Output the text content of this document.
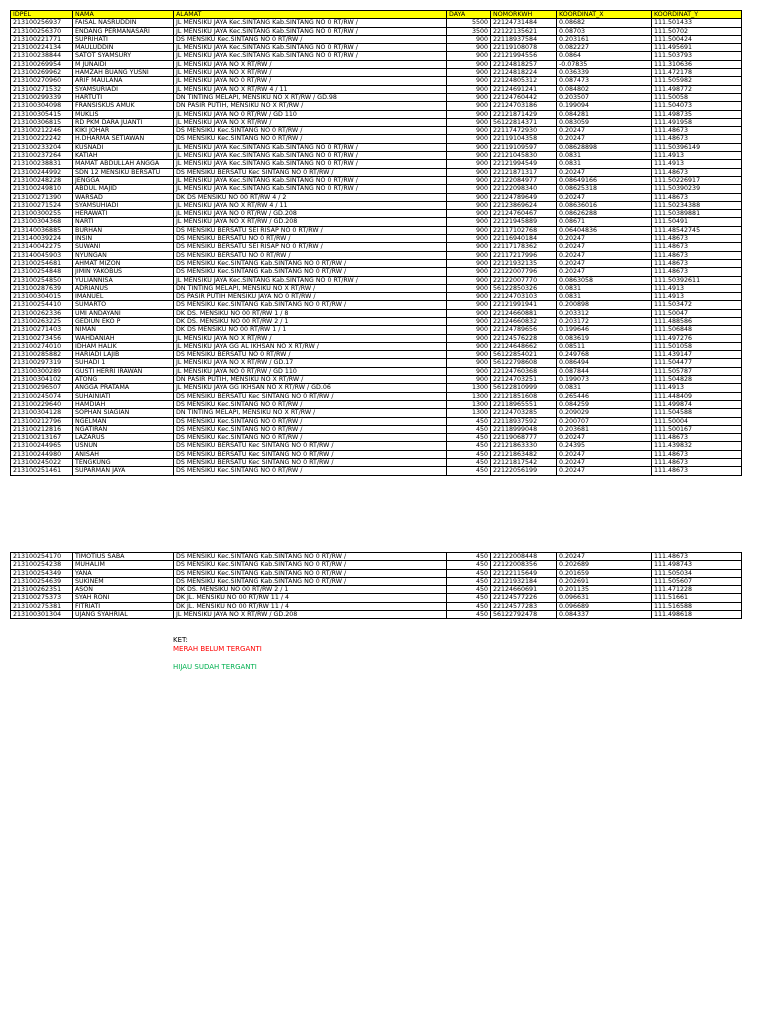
IDPEL	NAMA	ALAMAT	DAYA	NOMORKWH	KOORDINAT_X	KOORDINAT_Y
213100256937	FAISAL NASRUDDIN	JL MENSIKU JAYA Kec.SINTANG Kab.SINTANG NO 0 RT/RW /	5500	22124731484	0.08682	111.501433
213100256370	ENDANG PERMANASARI	JL MENSIKU JAYA Kec.SINTANG Kab.SINTANG NO 0 RT/RW /	3500	22122135621	0.08703	111.50702
213100221771	SUPRIHATI	DS MENSIKU Kec.SINTANG NO 0 RT/RW /	900	22118937584	0.203161	111.500424
213100224134	MAULUDDIN	JL MENSIKU JAYA Kec.SINTANG Kab.SINTANG NO 0 RT/RW /	900	22119108078	0.082227	111.495691
213100238844	SATOT SYAMSURY	JL MENSIKU JAYA Kec.SINTANG Kab.SINTANG NO 0 RT/RW /	900	22121994556	0.0864	111.503793
213100269954	M JUNAIDI	JL MENSIKU JAYA NO X RT/RW /	900	22124818257	-0.07835	111.310636
213100269962	HAMZAH BUANG YUSNI	JL MENSIKU JAYA NO X RT/RW /	900	22124818224	0.036339	111.472178
213100270960	ARIF MAULANA	JL MENSIKU JAYA NO 0 RT/RW /	900	22124805312	0.087473	111.505982
213100271532	SYAMSURIADI	JL MENSIKU JAYA NO X RT/RW 4 / 11	900	22124691241	0.084802	111.498772
213100299339	HARTUTI	DN TINTING MELAPI, MENSIKU NO X RT/RW / GD.98	900	22124760442	0.203507	111.50058
213100304098	FRANSISKUS AMUK	DN PASIR PUTIH, MENSIKU NO X RT/RW /	900	22124703186	0.199094	111.504073
213100305415	MUKLIS	JL MENSIKU JAYA NO 0 RT/RW / GD 110	900	22121871429	0.084281	111.498735
213100306815	RD PKM DARA JUANTI	JL MENSIKU JAYA NO X RT/RW /	900	56122814371	0.083059	111.491958
213100212246	KIKI JOHAR	DS MENSIKU Kec.SINTANG NO 0 RT/RW /	900	22117472930	0.20247	111.48673
213100222242	H.DHARMA SETIAWAN	DS MENSIKU Kec.SINTANG NO 0 RT/RW /	900	22119104358	0.20247	111.48673
213100233204	KUSNADI	JL MENSIKU JAYA Kec.SINTANG Kab.SINTANG NO 0 RT/RW /	900	22119109597	0.08628898	111.50396149
213100237264	KATIAH	JL MENSIKU JAYA Kec.SINTANG Kab.SINTANG NO 0 RT/RW /	900	22121045830	0.0831	111.4913
213100238831	MAMAT ABDULLAH ANGGA	JL MENSIKU JAYA Kec.SINTANG Kab.SINTANG NO 0 RT/RW /	900	22121994549	0.0831	111.4913
213100244992	SDN 12 MENSIKU BERSATU	DS MENSIKU BERSATU Kec SINTANG NO 0 RT/RW /	900	22121871317	0.20247	111.48673
213100248228	JENGGA	JL MENSIKU JAYA Kec.SINTANG Kab.SINTANG NO 0 RT/RW /	900	22122084977	0.08649166	111.50226917
213100249810	ABDUL MAJID	JL MENSIKU JAYA Kec.SINTANG Kab.SINTANG NO 0 RT/RW /	900	22122098340	0.08625318	111.50390239
213100271390	WARSAD	DK DS MENSIKU NO 00 RT/RW 4 / 2	900	22124789649	0.20247	111.48673
213100271524	SYAMSUHIADI	JL MENSIKU JAYA NO X RT/RW 4 / 11	900	22123869624	0.08636016	111.50234388
213100300255	HERAWATI	JL MENSIKU JAYA NO 0 RT/RW / GD.208	900	22124760467	0.08626288	111.50389881
213100304368	NARTI	JL MENSIKU JAYA NO X RT/RW / GD.208	900	22121945889	0.08671	111.50491
213140036885	BURHAN	DS MENSIKU BERSATU SEI RISAP NO 0 RT/RW /	900	22117102768	0.06404836	111.48542745
213140039224	INSIN	DS MENSIKU BERSATU NO 0 RT/RW /	900	22116940184	0.20247	111.48673
213140042275	SUWANI	DS MENSIKU BERSATU SEI RISAP NO 0 RT/RW /	900	22117178362	0.20247	111.48673
213140045903	NYUNGAN	DS MENSIKU BERSATU NO 0 RT/RW /	900	22117217996	0.20247	111.48673
213100254681	AHMAT MIZON	DS MENSIKU Kec.SINTANG Kab.SINTANG NO 0 RT/RW /	900	22121932135	0.20247	111.48673
213100254848	JIMIN YAKOBUS	DS MENSIKU Kec.SINTANG Kab.SINTANG NO 0 RT/RW /	900	22122007796	0.20247	111.48673
213100254850	YULIANNISA	JL MENSIKU JAYA Kec.SINTANG Kab.SINTANG NO 0 RT/RW /	900	22122007770	0.0863058	111.50392611
213100287639	ADRIANUS	DN TINTING MELAPI, MENSIKU NO X RT/RW /	900	56122850326	0.0831	111.4913
213100304015	IMANUEL	DS PASIR PUTIH MENSIKU JAYA NO 0 RT/RW /	900	22124703103	0.0831	111.4913
213100254410	SUMARTO	DS MENSIKU Kec.SINTANG Kab.SINTANG NO 0 RT/RW /	900	22121991941	0.200898	111.503472
213100262336	UMI ANDAYANI	DK DS. MENSIKU NO 00 RT/RW 1 / 8	900	22124660881	0.203312	111.50047
213100263225	GEDIUN EKO P	DK DS. MENSIKU NO 00 RT/RW 2 / 1	900	22124660832	0.203172	111.488586
213100271403	NIMAN	DK DS MENSIKU NO 00 RT/RW 1 / 1	900	22124789656	0.199646	111.506848
213100273456	WAHDANIAH	JL MENSIKU JAYA NO X RT/RW /	900	22124576228	0.083619	111.497276
213100274010	IDHAM HALIK	JL MENSIKU JAYA GG AL IKHSAN NO X RT/RW /	900	22124648662	0.08511	111.501058
213100285882	HARIADI LAJIB	DS MENSIKU BERSATU NO 0 RT/RW /	900	56122854021	0.249768	111.439147
213100297319	SUHADI 1	JL MENSIKU JAYA NO X RT/RW / GD.17	900	56122798608	0.086494	111.504477
213100300289	GUSTI HERRI IRAWAN	JL MENSIKU JAYA NO 0 RT/RW / GD 110	900	22124760368	0.087844	111.505787
213100304102	ATONG	DN PASIR PUTIH, MENSIKU NO X RT/RW /	900	22124703251	0.199073	111.504828
213100296507	ANGGA PRATAMA	JL MENSIKU JAYA GG IKHSAN NO X RT/RW / GD.06	1300	56122810999	0.0831	111.4913
213100245074	SUHAINIATI	DS MENSIKU BERSATU Kec SINTANG NO 0 RT/RW /	1300	22121851608	0.265446	111.448409
213100229640	HAMDIAH	DS MENSIKU Kec.SINTANG NO 0 RT/RW /	1300	22118965551	0.084259	111.499874
213100304128	SOPHAN SIAGIAN	DN TINTING MELAPI, MENSIKU NO X RT/RW /	1300	22124703285	0.209029	111.504588
213100212796	NGELMAN	DS MENSIKU Kec.SINTANG NO 0 RT/RW /	450	22118937592	0.200707	111.50004
213100212816	NGATIRAN	DS MENSIKU Kec.SINTANG NO 0 RT/RW /	450	22118999048	0.203681	111.500167
213100213167	LAZARUS	DS MENSIKU Kec.SINTANG NO 0 RT/RW /	450	22119068777	0.20247	111.48673
213100244965	USNUN	DS MENSIKU BERSATU Kec SINTANG NO 0 RT/RW /	450	22121863330	0.24395	111.439832
213100244980	ANISAH	DS MENSIKU BERSATU Kec SINTANG NO 0 RT/RW /	450	22121863482	0.20247	111.48673
213100245022	TENGKUNG	DS MENSIKU BERSATU Kec SINTANG NO 0 RT/RW /	450	22121817542	0.20247	111.48673
213100251461	SUPARMAN JAYA	DS MENSIKU Kec.SINTANG NO 0 RT/RW /	450	22122056199	0.20247	111.48673
213100254170	TIMOTIUS SABA	DS MENSIKU Kec.SINTANG Kab.SINTANG NO 0 RT/RW /	450	22122008448	0.20247	111.48673
213100254238	MUHALIM	DS MENSIKU Kec.SINTANG Kab.SINTANG NO 0 RT/RW /	450	22122008356	0.202689	111.498743
213100254349	YANA	DS MENSIKU Kec.SINTANG Kab.SINTANG NO 0 RT/RW /	450	22122115649	0.201659	111.505034
213100254639	SUKINEM	DS MENSIKU Kec.SINTANG Kab.SINTANG NO 0 RT/RW /	450	22121932184	0.202691	111.505607
213100262351	ASON	DK DS. MENSIKU NO 00 RT/RW 2 / 1	450	22124660691	0.201135	111.471228
213100275373	SYAH RONI	DK JL. MENSIKU NO 00 RT/RW 11 / 4	450	22124577226	0.096631	111.51661
213100275381	FITRIATI	DK JL. MENSIKU NO 00 RT/RW 11 / 4	450	22124577283	0.096689	111.516588
213100301304	UJANG SYAHRIAL	JL MENSIKU JAYA NO X RT/RW / GD.208	450	56122792478	0.084337	111.498618
KET:
MERAH BELUM TERGANTI
HIJAU SUDAH TERGANTI
